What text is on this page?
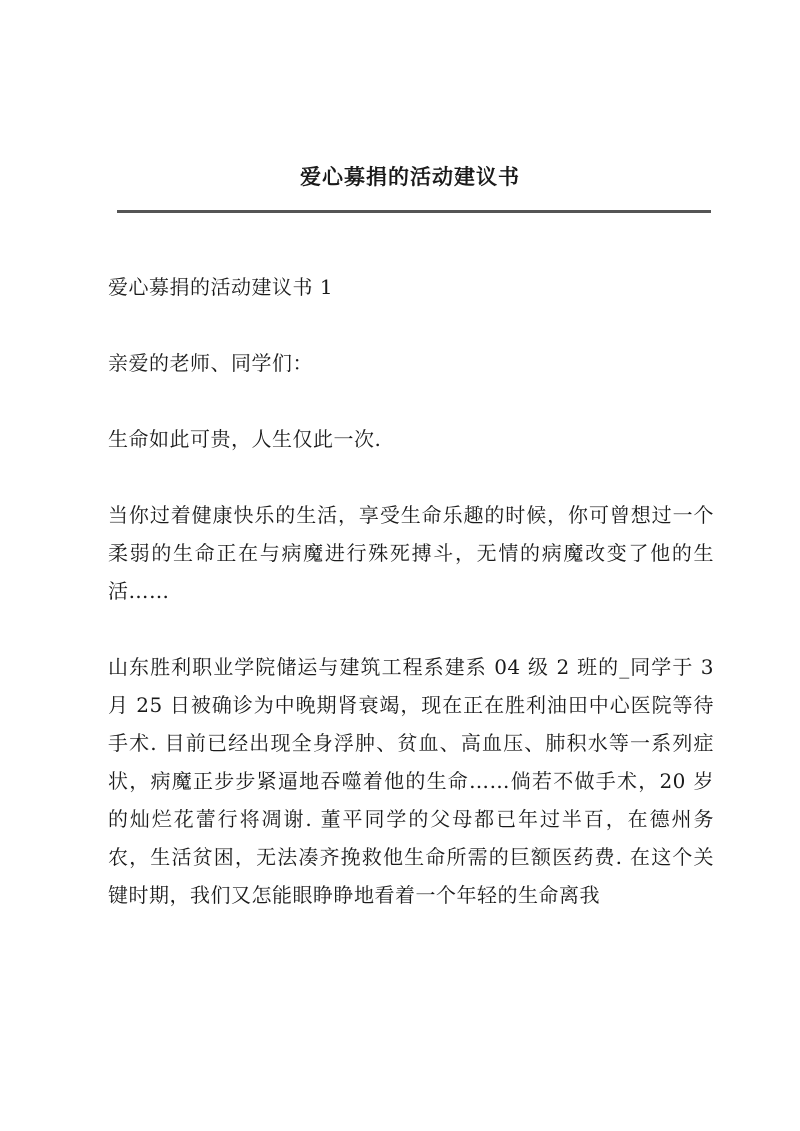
爱心募捐的活动建议书

爱心募捐的活动建议书 1

亲爱的老师、同学们：

生命如此可贵，人生仅此一次.

当你过着健康快乐的生活，享受生命乐趣的时候，你可曾想过一个柔弱的生命正在与病魔进行殊死搏斗，无情的病魔改变了他的生活……

山东胜利职业学院储运与建筑工程系建系 04 级 2 班的_同学于 3 月 25 日被确诊为中晚期肾衰竭，现在正在胜利油田中心医院等待手术. 目前已经出现全身浮肿、贫血、高血压、肺积水等一系列症状，病魔正步步紧逼地吞噬着他的生命……倘若不做手术，20 岁的灿烂花蕾行将凋谢. 董平同学的父母都已年过半百，在德州务农，生活贫困，无法凑齐挽救他生命所需的巨额医药费. 在这个关键时期，我们又怎能眼睁睁地看着一个年轻的生命离我
